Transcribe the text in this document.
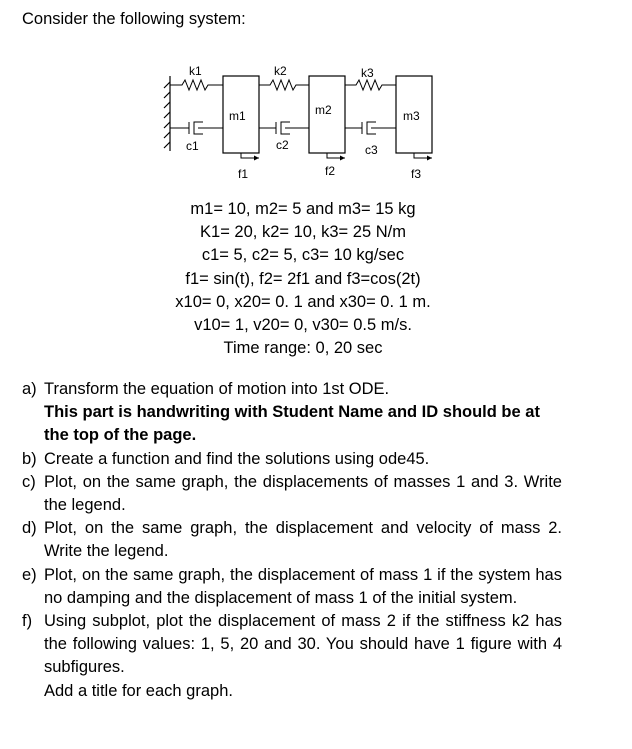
Consider the following system:
m1	m2	m3
k1	k2	k3
c1	c2	c3
f1	f2	f3
m1= 10, m2= 5 and m3= 15 kg
K1= 20, k2= 10, k3= 25 N/m
c1= 5, c2= 5, c3= 10 kg/sec
f1= sin(t), f2= 2f1 and f3=cos(2t)
x10= 0, x20= 0. 1 and x30= 0. 1 m.
v10= 1, v20= 0, v30= 0.5 m/s.
Time range: 0, 20 sec
a) Transform the equation of motion into 1st ODE.
This part is handwriting with Student Name and ID should be at the top of the page.
b) Create a function and find the solutions using ode45.
c) Plot, on the same graph, the displacements of masses 1 and 3. Write the legend.
d) Plot, on the same graph, the displacement and velocity of mass 2. Write the legend.
e) Plot, on the same graph, the displacement of mass 1 if the system has no damping and the displacement of mass 1 of the initial system.
f) Using subplot, plot the displacement of mass 2 if the stiffness k2 has the following values: 1, 5, 20 and 30. You should have 1 figure with 4 subfigures.
Add a title for each graph.
